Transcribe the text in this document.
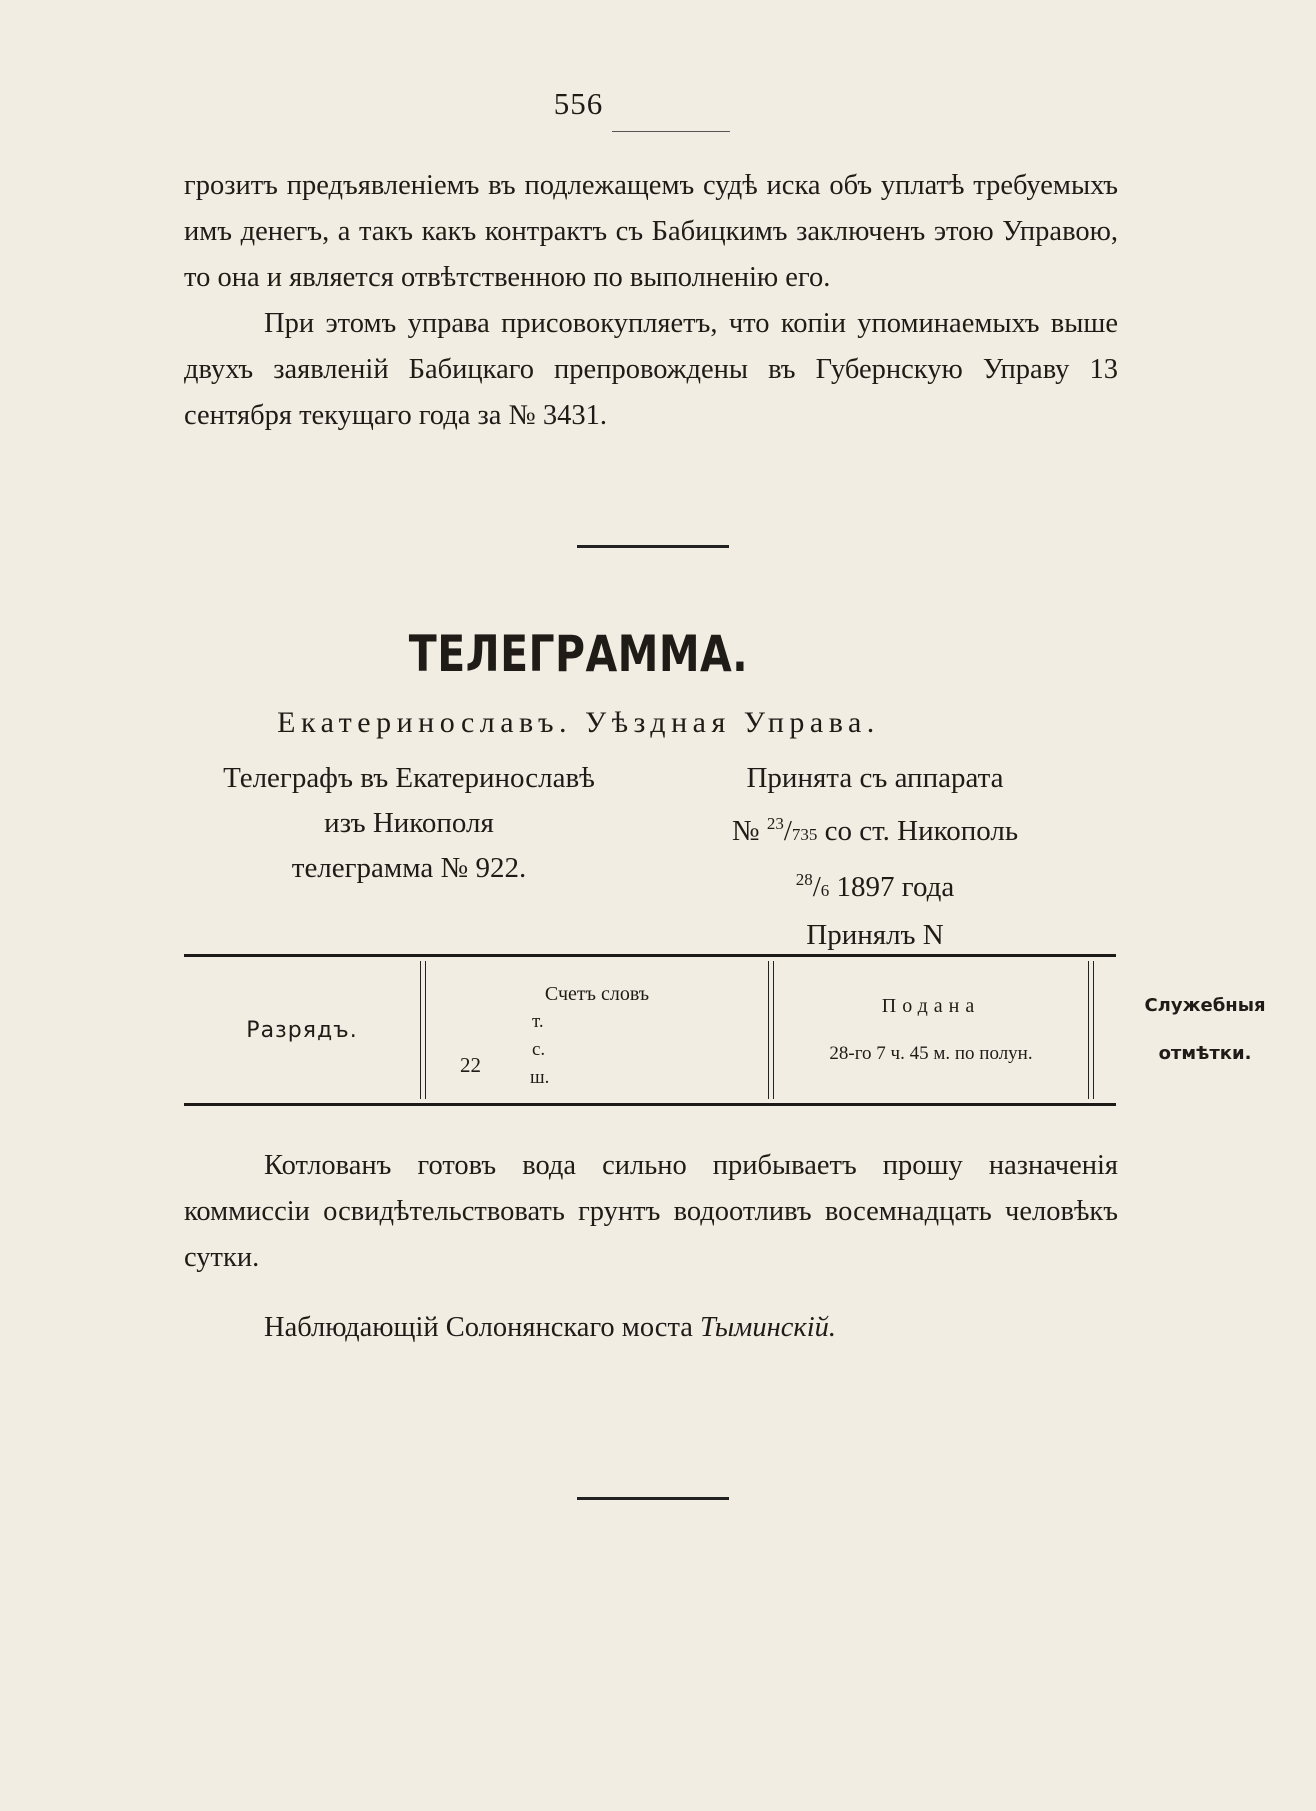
556

грозитъ предъявленіемъ въ подлежащемъ судѣ иска объ уплатѣ требуемыхъ имъ денегъ, а такъ какъ контрактъ съ Бабицкимъ заключенъ этою Управою, то она и является отвѣтственною по выполненію его.

При этомъ управа присовокупляетъ, что копіи упоминаемыхъ выше двухъ заявленій Бабицкаго препровождены въ Губернскую Управу 13 сентября текущаго года за № 3431.

ТЕЛЕГРАММА.
Екатеринославъ. Уѣздная Управа.
Телеграфъ въ Екатеринославѣ
изъ Никополя
телеграмма № 922.
Принята съ аппарата
№ $^{23}$/735 со ст. Никополь
$^{28}$/6 1897 года
Принялъ N
Разрядъ.
Счетъ словъ
т.
с.
22
ш.
Подана
28-го 7 ч. 45 м. по полун.
Служебныя
отмѣтки.

Котлованъ готовъ вода сильно прибываетъ прошу назначенія коммиссіи освидѣтельствовать грунтъ водоотливъ восемнадцать человѣкъ сутки.

Наблюдающій Солонянскаго моста Тыминскій.
